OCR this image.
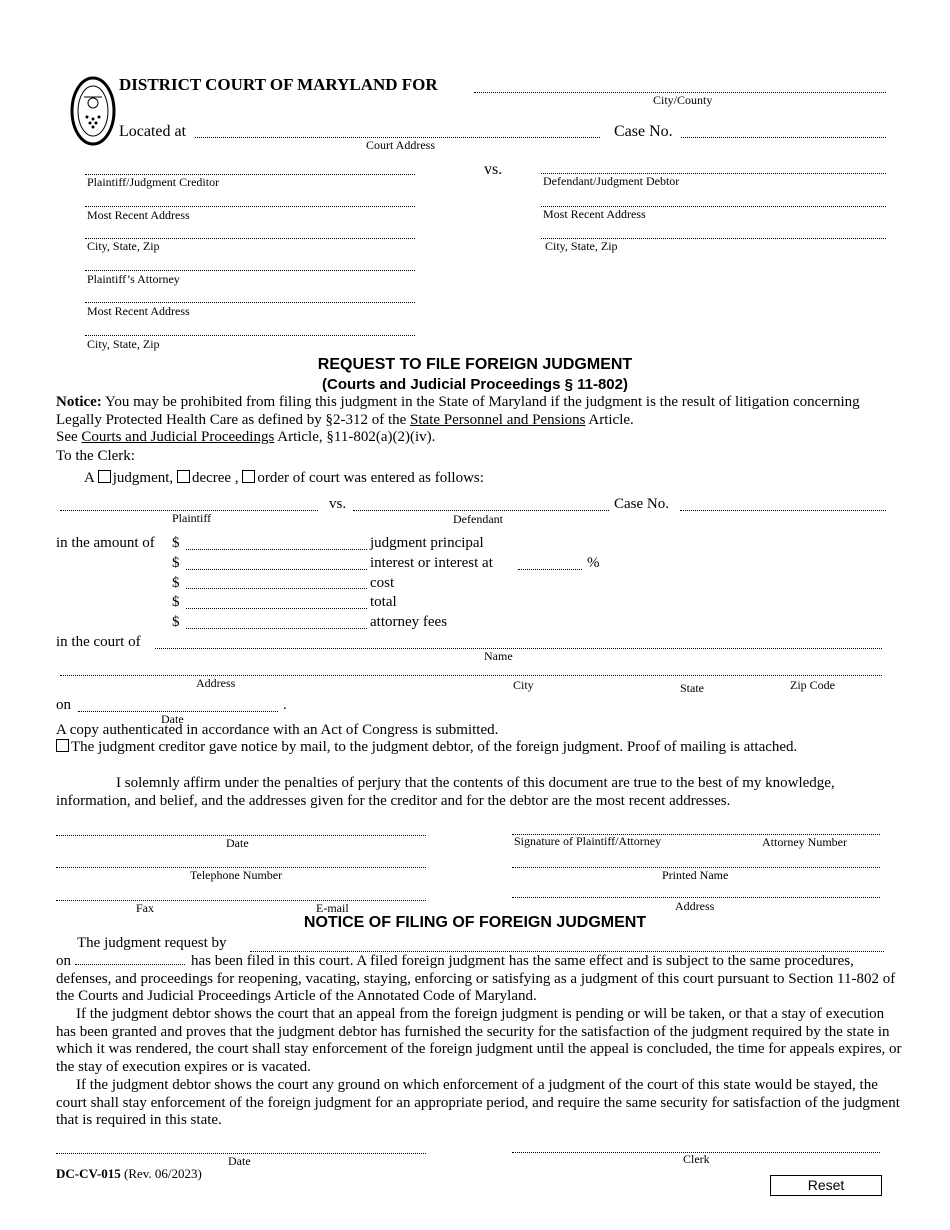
DISTRICT COURT OF MARYLAND FOR
City/County
Located at
Court Address
Case No.
vs.
Plaintiff/Judgment Creditor
Most Recent Address
City, State, Zip
Plaintiff’s Attorney
Most Recent Address
City, State, Zip
Defendant/Judgment Debtor
Most Recent Address
City, State, Zip
REQUEST TO FILE FOREIGN JUDGMENT
(Courts and Judicial Proceedings § 11-802)
Notice: You may be prohibited from filing this judgment in the State of Maryland if the judgment is the result of litigation concerning Legally Protected Health Care as defined by §2-312 of the State Personnel and Pensions Article.
See Courts and Judicial Proceedings Article, §11-802(a)(2)(iv).
To the Clerk:
A judgment, decree , order of court was entered as follows:
Plaintiff
vs.
Defendant
Case No.
in the amount of $	judgment principal
$	interest or interest at	%
$	cost
$	total
$	attorney fees
in the court of
Name
Address	City	State	Zip Code
on	.
Date
A copy authenticated in accordance with an Act of Congress is submitted.
The judgment creditor gave notice by mail, to the judgment debtor, of the foreign judgment. Proof of mailing is attached.
I solemnly affirm under the penalties of perjury that the contents of this document are true to the best of my knowledge, information, and belief, and the addresses given for the creditor and for the debtor are the most recent addresses.
Date
Telephone Number
Fax	E-mail
Signature of Plaintiff/Attorney	Attorney Number
Printed Name
Address
NOTICE OF FILING OF FOREIGN JUDGMENT
The judgment request by
on	has been filed in this court. A filed foreign judgment has the same effect and is subject to the same procedures, defenses, and proceedings for reopening, vacating, staying, enforcing or satisfying as a judgment of this court pursuant to Section 11-802 of the Courts and Judicial Proceedings Article of the Annotated Code of Maryland.
If the judgment debtor shows the court that an appeal from the foreign judgment is pending or will be taken, or that a stay of execution has been granted and proves that the judgment debtor has furnished the security for the satisfaction of the judgment required by the state in which it was rendered, the court shall stay enforcement of the foreign judgment until the appeal is concluded, the time for appeals expires, or the stay of execution expires or is vacated.
If the judgment debtor shows the court any ground on which enforcement of a judgment of the court of this state would be stayed, the court shall stay enforcement of the foreign judgment for an appropriate period, and require the same security for satisfaction of the judgment that is required in this state.
Date	Clerk
DC-CV-015 (Rev. 06/2023)
Reset
